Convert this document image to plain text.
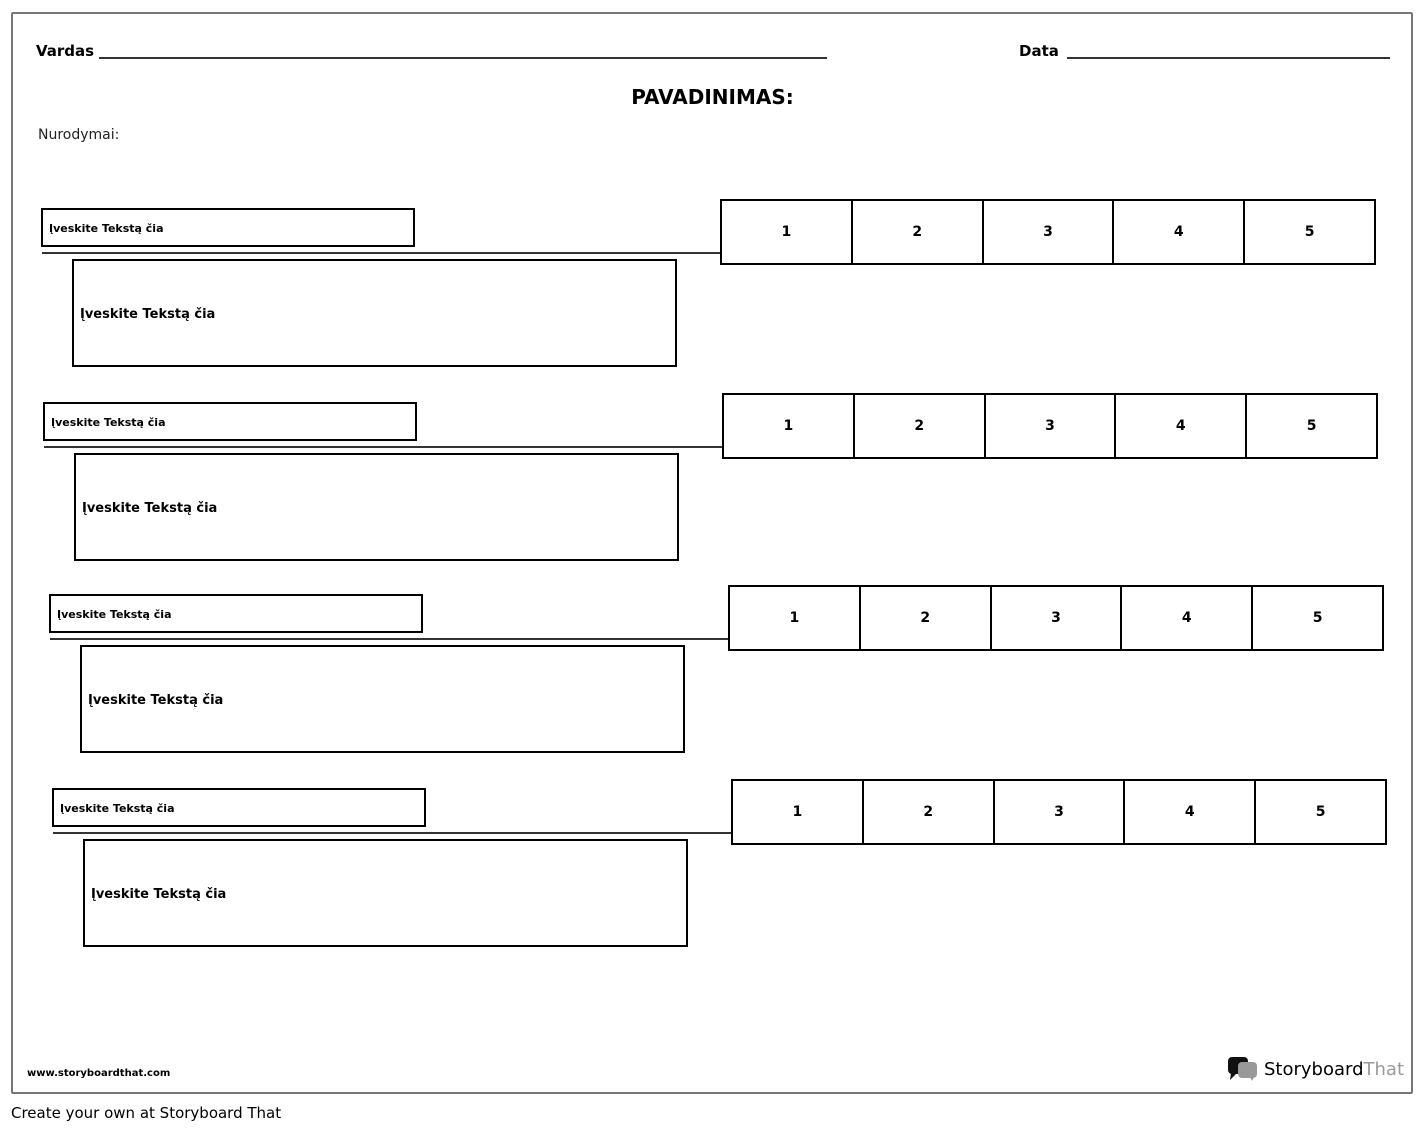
Vardas	Data
PAVADINIMAS:
Nurodymai:
Įveskite Tekstą čia
Įveskite Tekstą čia
1	2	3	4	5
Įveskite Tekstą čia
Įveskite Tekstą čia
1	2	3	4	5
Įveskite Tekstą čia
Įveskite Tekstą čia
1	2	3	4	5
Įveskite Tekstą čia
Įveskite Tekstą čia
1	2	3	4	5
www.storyboardthat.com	StoryboardThat
Create your own at Storyboard That
